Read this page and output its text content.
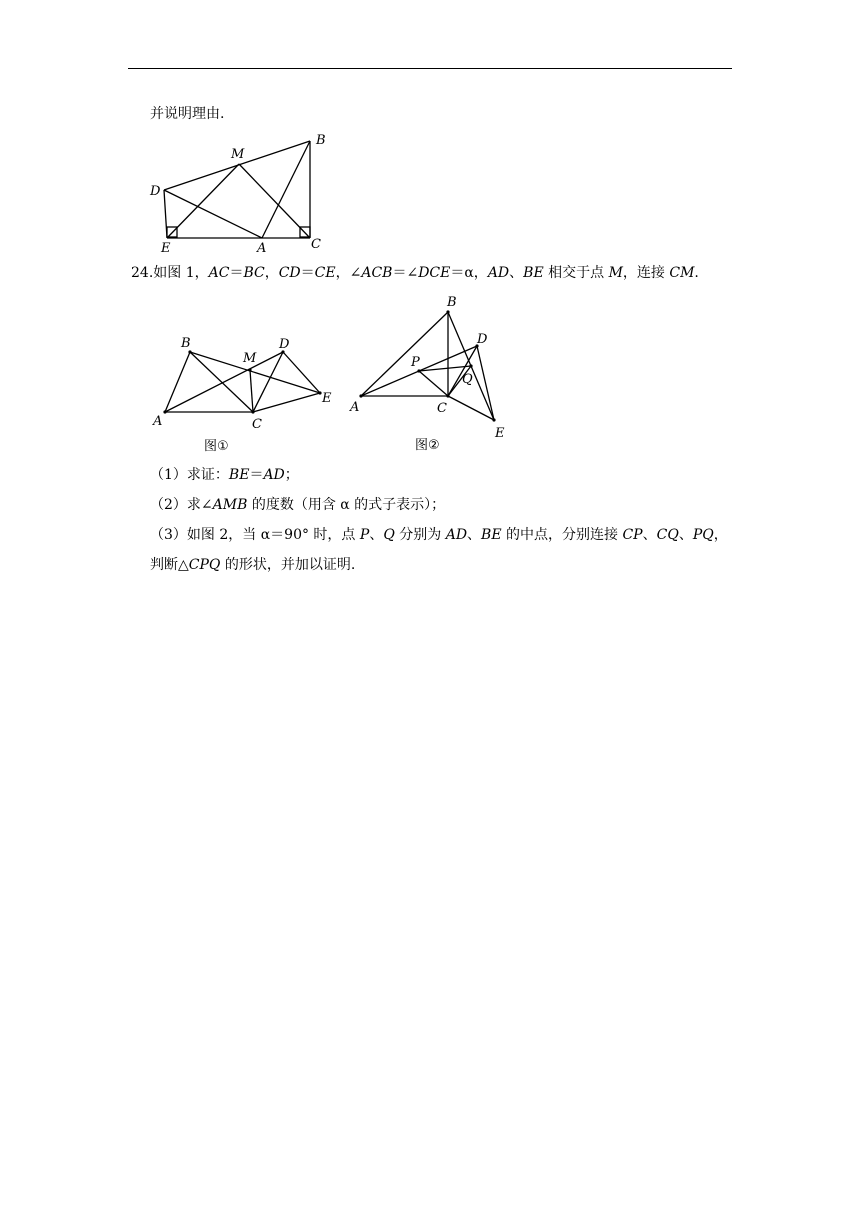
并说明理由.
B
M
D
E	A	C
24.如图 1，AC＝BC，CD＝CE，∠ACB＝∠DCE＝α，AD、BE 相交于点 M，连接 CM.
B
M
D
A	C
E
图①
B
D
P
Q
A	C
E
图②
（1）求证：BE＝AD；
（2）求∠AMB 的度数（用含 α 的式子表示）；
（3）如图 2，当 α＝90° 时，点 P、Q 分别为 AD、BE 的中点，分别连接 CP、CQ、PQ，
判断△CPQ 的形状，并加以证明.
